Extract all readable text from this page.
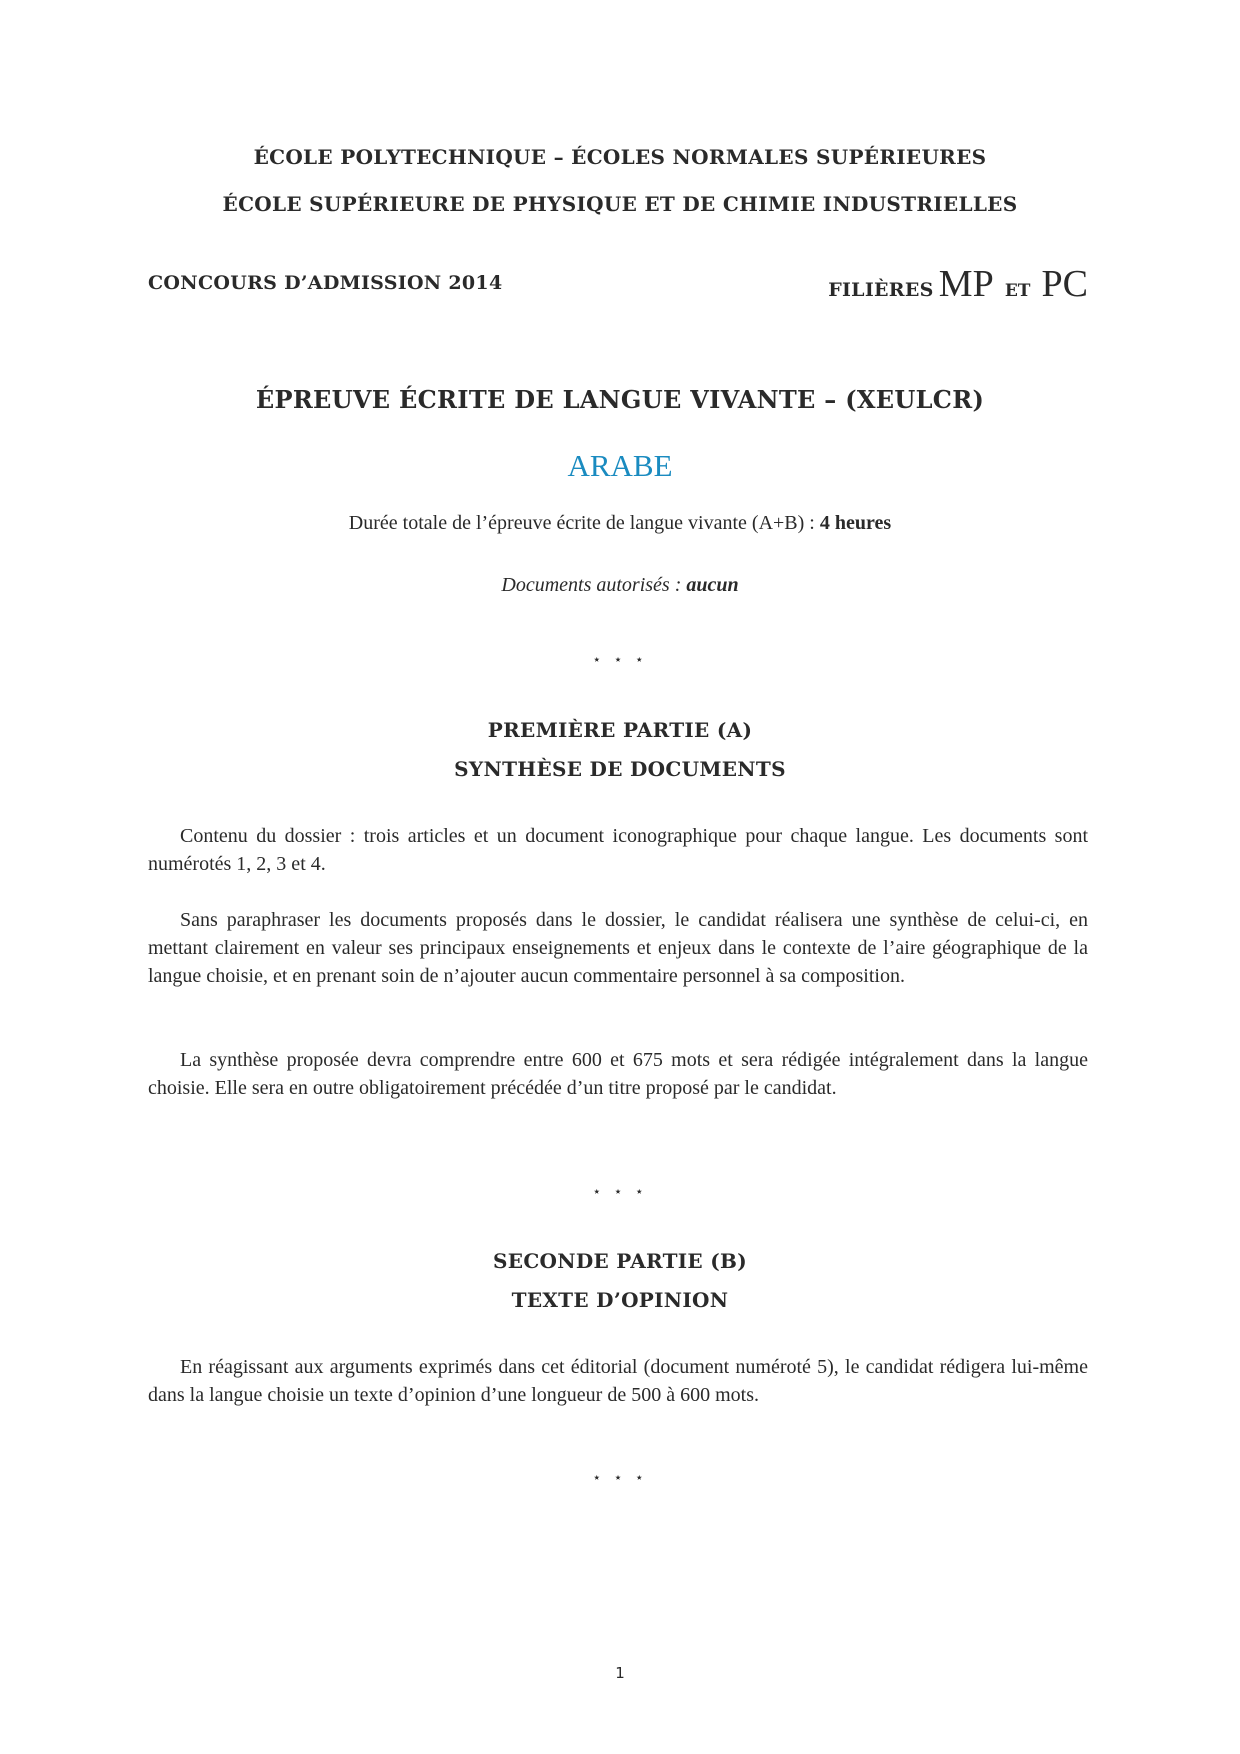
ÉCOLE POLYTECHNIQUE – ÉCOLES NORMALES SUPÉRIEURES
ÉCOLE SUPÉRIEURE DE PHYSIQUE ET DE CHIMIE INDUSTRIELLES
CONCOURS D’ADMISSION 2014	FILIÈRES MP ET PC
ÉPREUVE ÉCRITE DE LANGUE VIVANTE – (XEULCR)
ARABE
Durée totale de l’épreuve écrite de langue vivante (A+B) : 4 heures
Documents autorisés : aucun
⋆ ⋆ ⋆
PREMIÈRE PARTIE (A)
SYNTHÈSE DE DOCUMENTS
Contenu du dossier : trois articles et un document iconographique pour chaque langue. Les documents sont numérotés 1, 2, 3 et 4.
Sans paraphraser les documents proposés dans le dossier, le candidat réalisera une synthèse de celui-ci, en mettant clairement en valeur ses principaux enseignements et enjeux dans le contexte de l’aire géographique de la langue choisie, et en prenant soin de n’ajouter aucun commentaire personnel à sa composition.
La synthèse proposée devra comprendre entre 600 et 675 mots et sera rédigée intégralement dans la langue choisie. Elle sera en outre obligatoirement précédée d’un titre proposé par le candidat.
⋆ ⋆ ⋆
SECONDE PARTIE (B)
TEXTE D’OPINION
En réagissant aux arguments exprimés dans cet éditorial (document numéroté 5), le candidat rédigera lui-même dans la langue choisie un texte d’opinion d’une longueur de 500 à 600 mots.
⋆ ⋆ ⋆
1
